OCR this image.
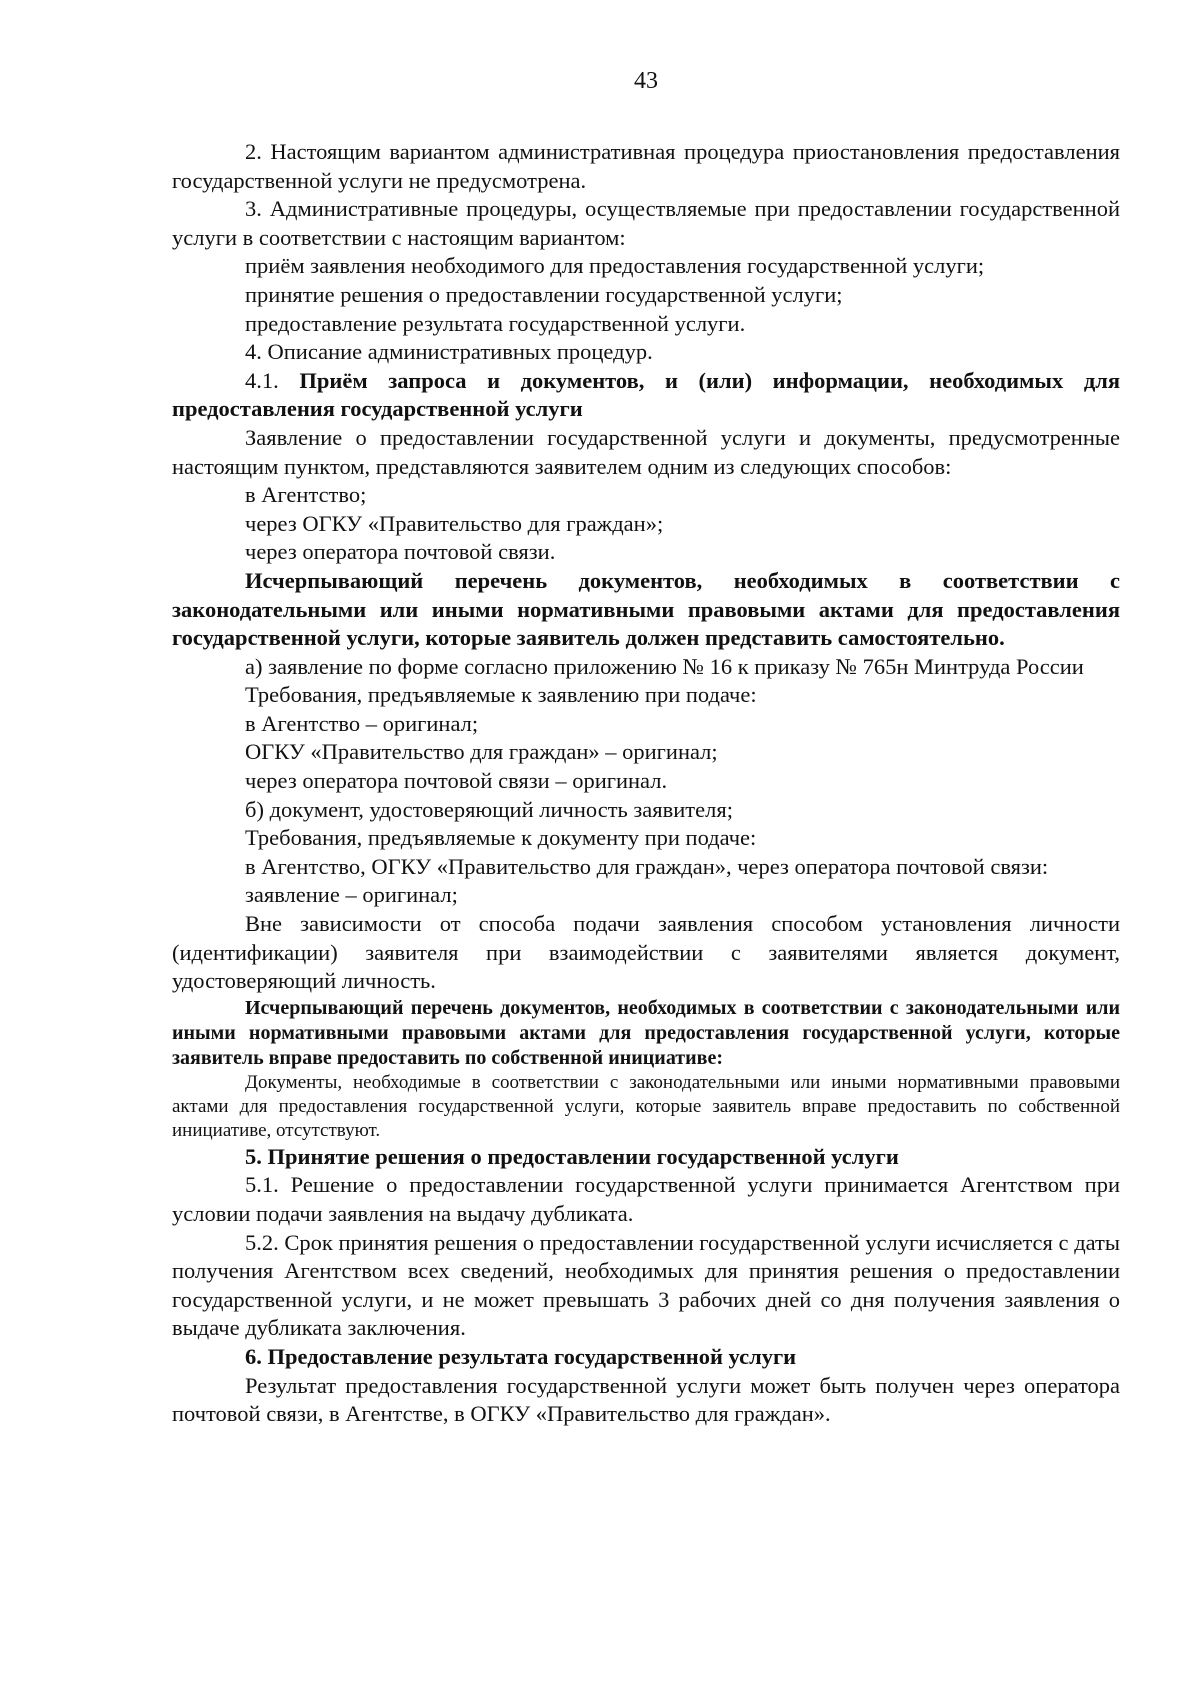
43

2. Настоящим вариантом административная процедура приостановления предоставления государственной услуги не предусмотрена.

3. Административные процедуры, осуществляемые при предоставлении государственной услуги в соответствии с настоящим вариантом:

приём заявления необходимого для предоставления государственной услуги;

принятие решения о предоставлении государственной услуги;

предоставление результата государственной услуги.

4. Описание административных процедур.

4.1. Приём запроса и документов, и (или) информации, необходимых для предоставления государственной услуги

Заявление о предоставлении государственной услуги и документы, предусмотренные настоящим пунктом, представляются заявителем одним из следующих способов:

в Агентство;

через ОГКУ «Правительство для граждан»;

через оператора почтовой связи.

Исчерпывающий перечень документов, необходимых в соответствии с законодательными или иными нормативными правовыми актами для предоставления государственной услуги, которые заявитель должен представить самостоятельно.

а) заявление по форме согласно приложению № 16 к приказу № 765н Минтруда России

Требования, предъявляемые к заявлению при подаче:

в Агентство – оригинал;

ОГКУ «Правительство для граждан» – оригинал;

через оператора почтовой связи – оригинал.

б) документ, удостоверяющий личность заявителя;

Требования, предъявляемые к документу при подаче:

в Агентство, ОГКУ «Правительство для граждан», через оператора почтовой связи:

заявление – оригинал;

Вне зависимости от способа подачи заявления способом установления личности (идентификации) заявителя при взаимодействии с заявителями является документ, удостоверяющий личность.

Исчерпывающий перечень документов, необходимых в соответствии с законодательными или иными нормативными правовыми актами для предоставления государственной услуги, которые заявитель вправе предоставить по собственной инициативе:

Документы, необходимые в соответствии с законодательными или иными нормативными правовыми актами для предоставления государственной услуги, которые заявитель вправе предоставить по собственной инициативе, отсутствуют.

5. Принятие решения о предоставлении государственной услуги

5.1. Решение о предоставлении государственной услуги принимается Агентством при условии подачи заявления на выдачу дубликата.

5.2. Срок принятия решения о предоставлении государственной услуги исчисляется с даты получения Агентством всех сведений, необходимых для принятия решения о предоставлении государственной услуги, и не может превышать 3 рабочих дней со дня получения заявления о выдаче дубликата заключения.

6. Предоставление результата государственной услуги

Результат предоставления государственной услуги может быть получен через оператора почтовой связи, в Агентстве, в ОГКУ «Правительство для граждан».
